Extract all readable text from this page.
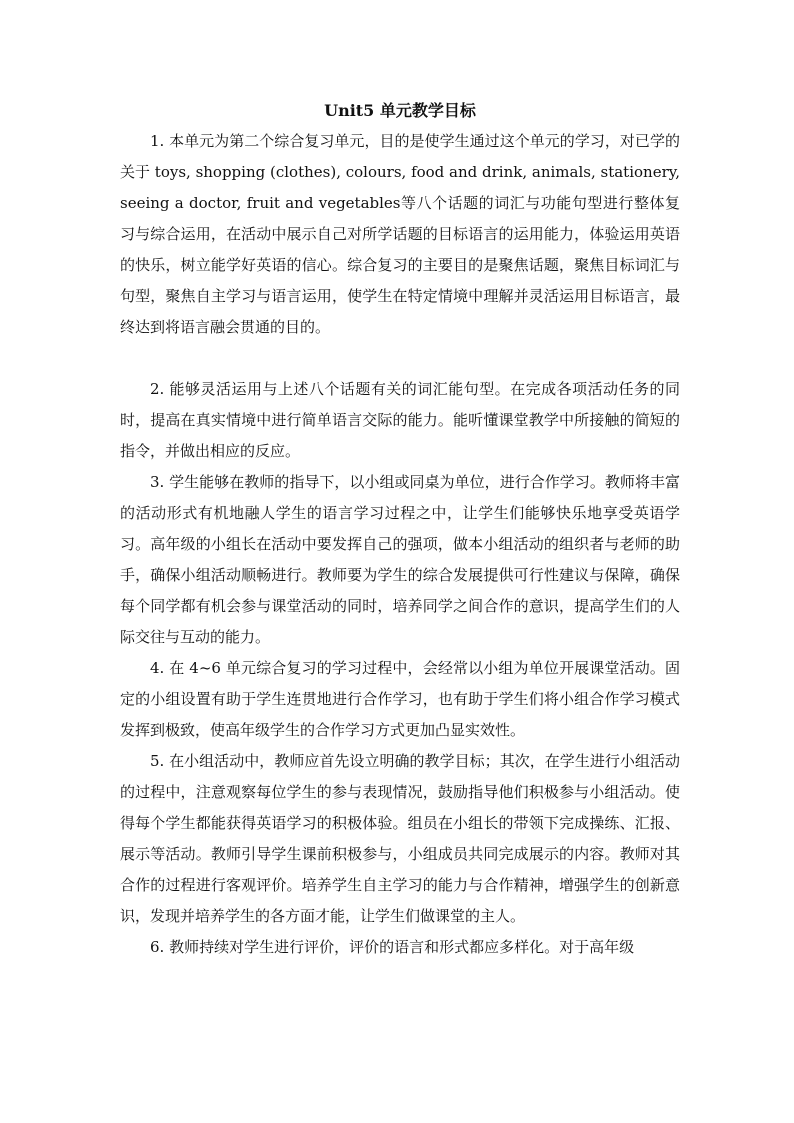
Unit5 单元教学目标

1. 本单元为第二个综合复习单元，目的是使学生通过这个单元的学习，对已学的关于 toys, shopping (clothes), colours, food and drink, animals, stationery, seeing a doctor, fruit and vegetables等八个话题的词汇与功能句型进行整体复习与综合运用，在活动中展示自己对所学话题的目标语言的运用能力，体验运用英语的快乐，树立能学好英语的信心。综合复习的主要目的是聚焦话题，聚焦目标词汇与句型，聚焦自主学习与语言运用，使学生在特定情境中理解并灵活运用目标语言，最终达到将语言融会贯通的目的。

2. 能够灵活运用与上述八个话题有关的词汇能句型。在完成各项活动任务的同时，提高在真实情境中进行简单语言交际的能力。能听懂课堂教学中所接触的简短的指令，并做出相应的反应。

3. 学生能够在教师的指导下，以小组或同桌为单位，进行合作学习。教师将丰富的活动形式有机地融人学生的语言学习过程之中，让学生们能够快乐地享受英语学习。高年级的小组长在活动中要发挥自己的强项，做本小组活动的组织者与老师的助手，确保小组活动顺畅进行。教师要为学生的综合发展提供可行性建议与保障，确保每个同学都有机会参与课堂活动的同时，培养同学之间合作的意识，提高学生们的人际交往与互动的能力。

4. 在 4~6 单元综合复习的学习过程中，会经常以小组为单位开展课堂活动。固定的小组设置有助于学生连贯地进行合作学习，也有助于学生们将小组合作学习模式 发挥到极致，使高年级学生的合作学习方式更加凸显实效性。

5. 在小组活动中，教师应首先设立明确的教学目标；其次，在学生进行小组活动的过程中，注意观察每位学生的参与表现情况，鼓励指导他们积极参与小组活动。使得每个学生都能获得英语学习的积极体验。组员在小组长的带领下完成操练、汇报、展示等活动。教师引导学生课前积极参与，小组成员共同完成展示的内容。教师对其合作的过程进行客观评价。培养学生自主学习的能力与合作精神，增强学生的创新意识，发现并培养学生的各方面才能，让学生们做课堂的主人。

6. 教师持续对学生进行评价，评价的语言和形式都应多样化。对于高年级
